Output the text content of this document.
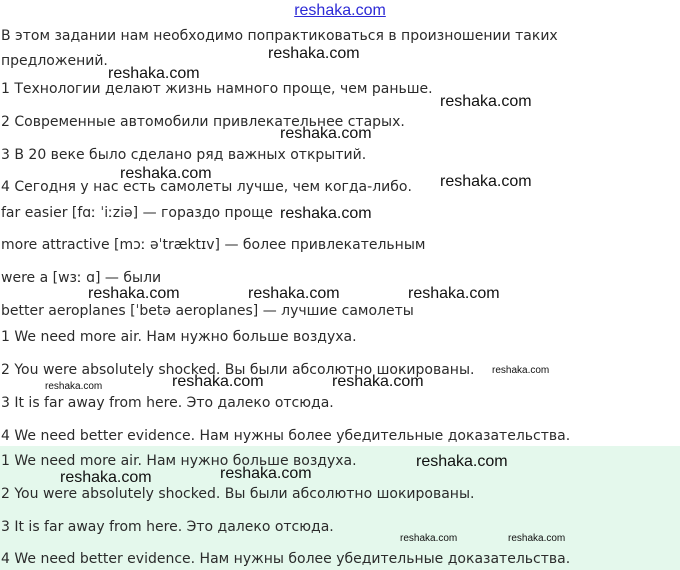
reshaka.com
В этом задании нам необходимо попрактиковаться в произношении таких
предложений.
1 Технологии делают жизнь намного проще, чем раньше.
2 Современные автомобили привлекательнее старых.
3 В 20 веке было сделано ряд важных открытий.
4 Сегодня у нас есть самолеты лучше, чем когда-либо.
far easier [fɑː ˈiːziə] — гораздо проще
more attractive [mɔː əˈtræktɪv] — более привлекательным
were a [wɜː ɑ] — были
better aeroplanes [ˈbetə aeroplanes] — лучшие самолеты
1 We need more air. Нам нужно больше воздуха.
2 You were absolutely shocked. Вы были абсолютно шокированы.
3 It is far away from here. Это далеко отсюда.
4 We need better evidence. Нам нужны более убедительные доказательства.
1 We need more air. Нам нужно больше воздуха.
2 You were absolutely shocked. Вы были абсолютно шокированы.
3 It is far away from here. Это далеко отсюда.
4 We need better evidence. Нам нужны более убедительные доказательства.
reshaka.com
reshaka.com
reshaka.com
reshaka.com
reshaka.com	reshaka.com
reshaka.com
reshaka.com	reshaka.com	reshaka.com
reshaka.com
reshaka.com	reshaka.com	reshaka.com
reshaka.com
reshaka.com
reshaka.com
reshaka.com	reshaka.com
